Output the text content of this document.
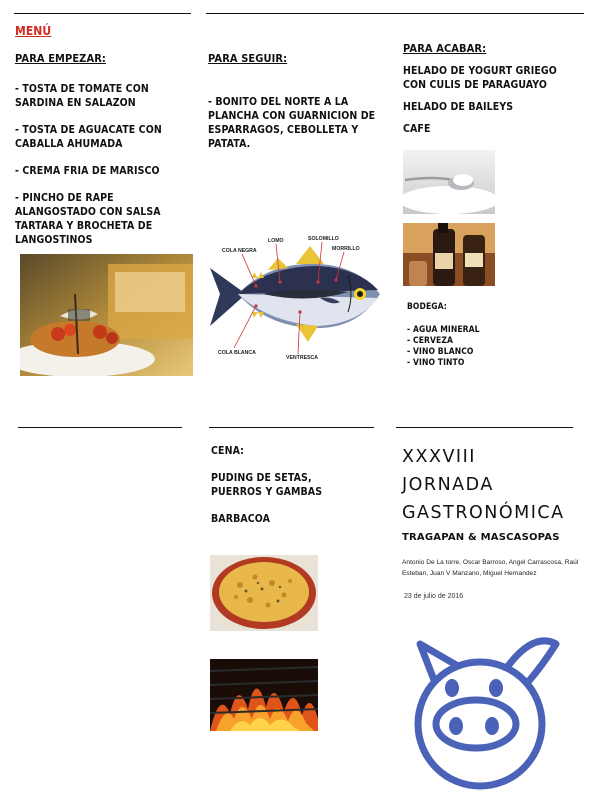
MENÚ
PARA EMPEZAR:
- TOSTA DE TOMATE CON SARDINA EN SALAZON
- TOSTA DE AGUACATE CON CABALLA AHUMADA
- CREMA FRIA DE MARISCO
- PINCHO DE RAPE ALANGOSTADO CON SALSA TARTARA Y BROCHETA DE LANGOSTINOS
PARA SEGUIR:
- BONITO DEL NORTE A LA PLANCHA CON GUARNICION DE ESPARRAGOS, CEBOLLETA Y PATATA.
COLA NEGRA
LOMO	SOLOMILLO
MORRILLO
COLA BLANCA
VENTRESCA
PARA ACABAR:
HELADO DE YOGURT GRIEGO CON CULIS DE PARAGUAYO
HELADO DE BAILEYS
CAFE
BODEGA:
- AGUA MINERAL
- CERVEZA
- VINO BLANCO
- VINO TINTO
CENA:
PUDING DE SETAS, PUERROS Y GAMBAS
BARBACOA
XXXVIII
JORNADA
GASTRONÓMICA
TRAGAPAN & MASCASOPAS
Antonio De La torre, Oscar Barroso, Angel Carrascosa, Raúl Esteban, Juan V Manzano, Miguel Hernandez
23 de julio de 2016
